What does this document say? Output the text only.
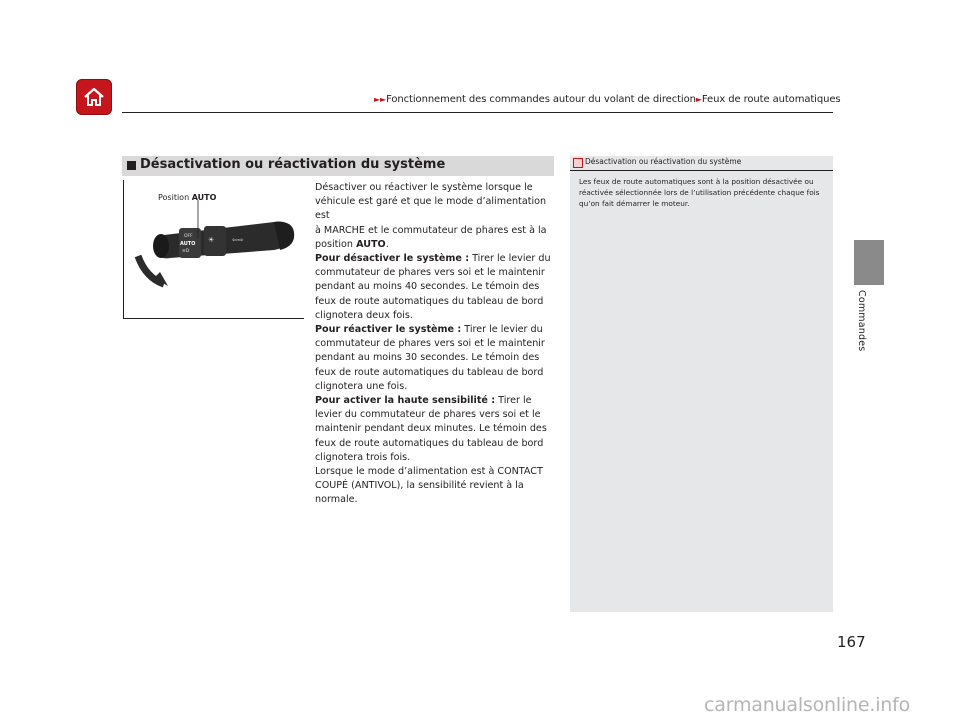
►►Fonctionnement des commandes autour du volant de direction►Feux de route automatiques
Commandes
Désactivation ou réactivation du système
OFF
AUTO
≡D
☀	⇦⇨
Position AUTO

Désactiver ou réactiver le système lorsque le
véhicule est garé et que le mode d’alimentation est
à MARCHE et le commutateur de phares est à la
position AUTO.

Pour désactiver le système : Tirer le levier du commutateur de phares vers soi et le maintenir pendant au moins 40 secondes. Le témoin des feux de route automatiques du tableau de bord clignotera deux fois.

Pour réactiver le système : Tirer le levier du commutateur de phares vers soi et le maintenir pendant au moins 30 secondes. Le témoin des feux de route automatiques du tableau de bord clignotera une fois.

Pour activer la haute sensibilité : Tirer le levier du commutateur de phares vers soi et le maintenir pendant deux minutes. Le témoin des feux de route automatiques du tableau de bord clignotera trois fois.

Lorsque le mode d’alimentation est à CONTACT COUPÉ (ANTIVOL), la sensibilité revient à la normale.

Désactivation ou réactivation du système

Les feux de route automatiques sont à la position désactivée ou réactivée sélectionnée lors de l’utilisation précédente chaque fois qu’on fait démarrer le moteur.

167
carmanualsonline.info
